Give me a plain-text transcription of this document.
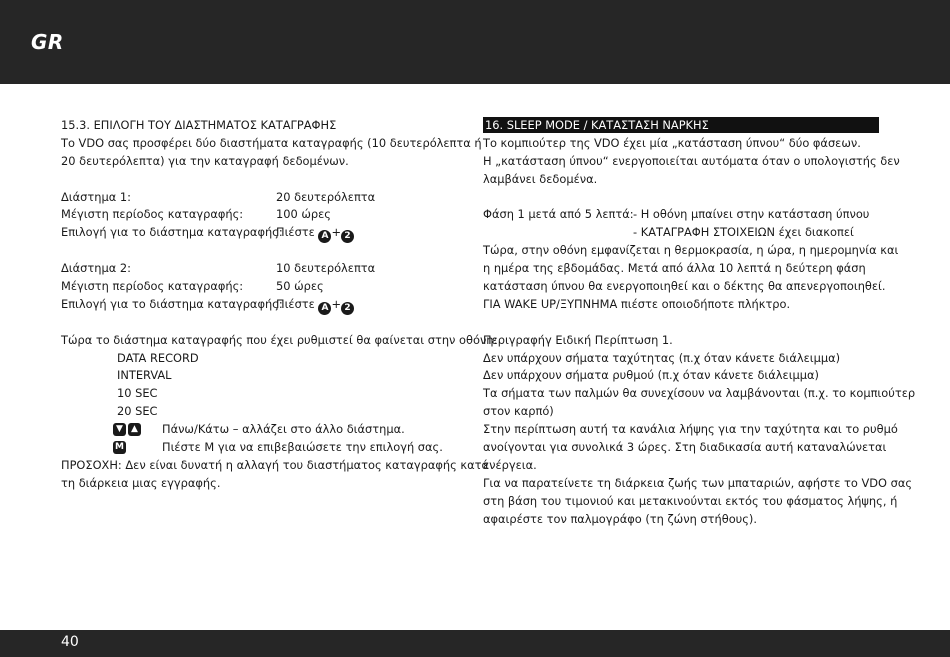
GR
15.3. ΕΠΙΛΟΓΗ ΤΟΥ ΔΙΑΣΤΗΜΑΤΟΣ ΚΑΤΑΓΡΑΦΗΣ
Το VDO σας προσφέρει δύο διαστήματα καταγραφής (10 δευτερόλεπτα ή
20 δευτερόλεπτα) για την καταγραφή δεδομένων.
Διάστημα 1:	20 δευτερόλεπτα
Μέγιστη περίοδος καταγραφής:	100 ώρες
Επιλογή για το διάστημα καταγραφής:
Πιέστε A + 2
Διάστημα 2:	10 δευτερόλεπτα
Μέγιστη περίοδος καταγραφής:	50 ώρες
Επιλογή για το διάστημα καταγραφής:
Πιέστε A + 2
Τώρα το διάστημα καταγραφής που έχει ρυθμιστεί θα φαίνεται στην οθόνη:
DATA RECORD
INTERVAL
10 SEC
20 SEC
▼ ▲ Πάνω/Κάτω – αλλάζει στο άλλο διάστημα.
M	Πιέστε Μ για να επιβεβαιώσετε την επιλογή σας.
ΠΡΟΣΟΧΗ: Δεν είναι δυνατή η αλλαγή του διαστήματος καταγραφής κατά
τη διάρκεια μιας εγγραφής.
16. SLEEP MODE / ΚΑΤΑΣΤΑΣΗ ΝΑΡΚΗΣ
Το κομπιούτερ της VDO έχει μία „κατάσταση ύπνου“ δύο φάσεων.
Η „κατάσταση ύπνου“ ενεργοποιείται αυτόματα όταν ο υπολογιστής δεν
λαμβάνει δεδομένα.
Φάση 1 μετά από 5 λεπτά: - Η οθόνη μπαίνει στην κατάσταση ύπνου
- ΚΑΤΑΓΡΑΦΗ ΣΤΟΙΧΕΙΩΝ έχει διακοπεί
Τώρα, στην οθόνη εμφανίζεται η θερμοκρασία, η ώρα, η ημερομηνία και
η ημέρα της εβδομάδας. Μετά από άλλα 10 λεπτά η δεύτερη φάση
κατάσταση ύπνου θα ενεργοποιηθεί και ο δέκτης θα απενεργοποιηθεί.
ΓΙΑ WAKE UP/ΞΥΠΝΗΜΑ πιέστε οποιοδήποτε πλήκτρο.
Περιγραφήγ Ειδική Περίπτωση 1.
Δεν υπάρχουν σήματα ταχύτητας (π.χ όταν κάνετε διάλειμμα)
Δεν υπάρχουν σήματα ρυθμού (π.χ όταν κάνετε διάλειμμα)
Τα σήματα των παλμών θα συνεχίσουν να λαμβάνονται (π.χ. το κομπιούτερ
στον καρπό)
Στην περίπτωση αυτή τα κανάλια λήψης για την ταχύτητα και το ρυθμό
ανοίγονται για συνολικά 3 ώρες. Στη διαδικασία αυτή καταναλώνεται
ενέργεια.
Για να παρατείνετε τη διάρκεια ζωής των μπαταριών, αφήστε το VDO σας
στη βάση του τιμονιού και μετακινούνται εκτός του φάσματος λήψης, ή
αφαιρέστε τον παλμογράφο (τη ζώνη στήθους).
40
